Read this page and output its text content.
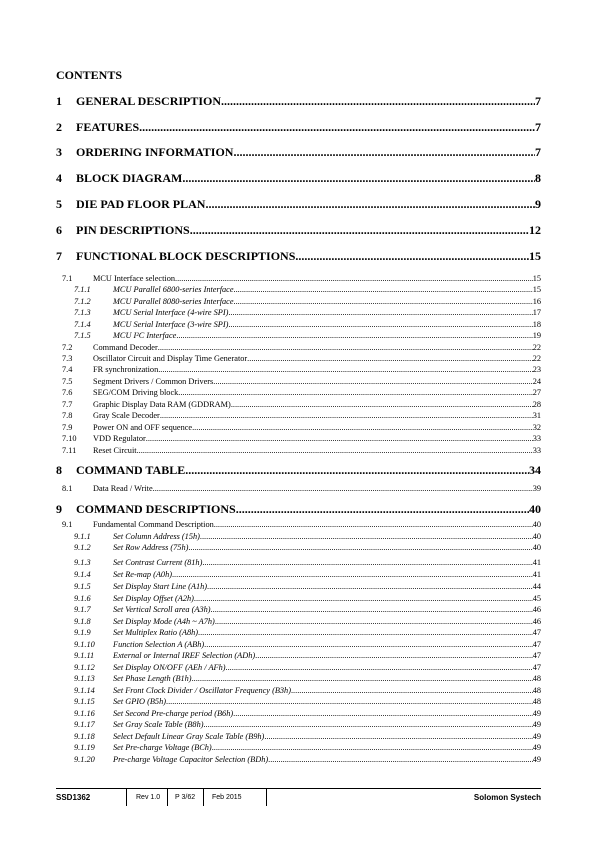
CONTENTS
1	GENERAL DESCRIPTION .....	7
2	FEATURES .....	7
3	ORDERING INFORMATION .....	7
4	BLOCK DIAGRAM .....	8
5	DIE PAD FLOOR PLAN .....	9
6	PIN DESCRIPTIONS .....	12
7	FUNCTIONAL BLOCK DESCRIPTIONS .....	15
7.1	MCU Interface selection .....	15
7.1.1	MCU Parallel 6800-series Interface .....	15
7.1.2	MCU Parallel 8080-series Interface .....	16
7.1.3	MCU Serial Interface (4-wire SPI) .....	17
7.1.4	MCU Serial Interface (3-wire SPI) .....	18
7.1.5	MCU I²C Interface .....	19
7.2	Command Decoder .....	22
7.3	Oscillator Circuit and Display Time Generator .....	22
7.4	FR synchronization .....	23
7.5	Segment Drivers / Common Drivers .....	24
7.6	SEG/COM Driving block .....	27
7.7	Graphic Display Data RAM (GDDRAM) .....	28
7.8	Gray Scale Decoder .....	31
7.9	Power ON and OFF sequence .....	32
7.10	VDD Regulator .....	33
7.11	Reset Circuit .....	33
8	COMMAND TABLE .....	34
8.1	Data Read / Write .....	39
9	COMMAND DESCRIPTIONS .....	40
9.1	Fundamental Command Description .....	40
9.1.1	Set Column Address (15h) .....	40
9.1.2	Set Row Address (75h) .....	40
9.1.3	Set Contrast Current (81h) .....	41
9.1.4	Set Re-map (A0h) .....	41
9.1.5	Set Display Start Line (A1h) .....	44
9.1.6	Set Display Offset (A2h) .....	45
9.1.7	Set Vertical Scroll area (A3h) .....	46
9.1.8	Set Display Mode (A4h ~ A7h) .....	46
9.1.9	Set Multiplex Ratio (A8h) .....	47
9.1.10	Function Selection A (ABh) .....	47
9.1.11	External or Internal IREF Selection (ADh) .....	47
9.1.12	Set Display ON/OFF (AEh / AFh) .....	47
9.1.13	Set Phase Length (B1h) .....	48
9.1.14	Set Front Clock Divider / Oscillator Frequency (B3h) .....	48
9.1.15	Set GPIO (B5h) .....	48
9.1.16	Set Second Pre-charge period (B6h) .....	49
9.1.17	Set Gray Scale Table (B8h) .....	49
9.1.18	Select Default Linear Gray Scale Table (B9h) .....	49
9.1.19	Set Pre-charge Voltage (BCh) .....	49
9.1.20	Pre-charge Voltage Capacitor Selection (BDh) .....	49
SSD1362	Rev 1.0 P 3/62 Feb 2015	Solomon Systech
